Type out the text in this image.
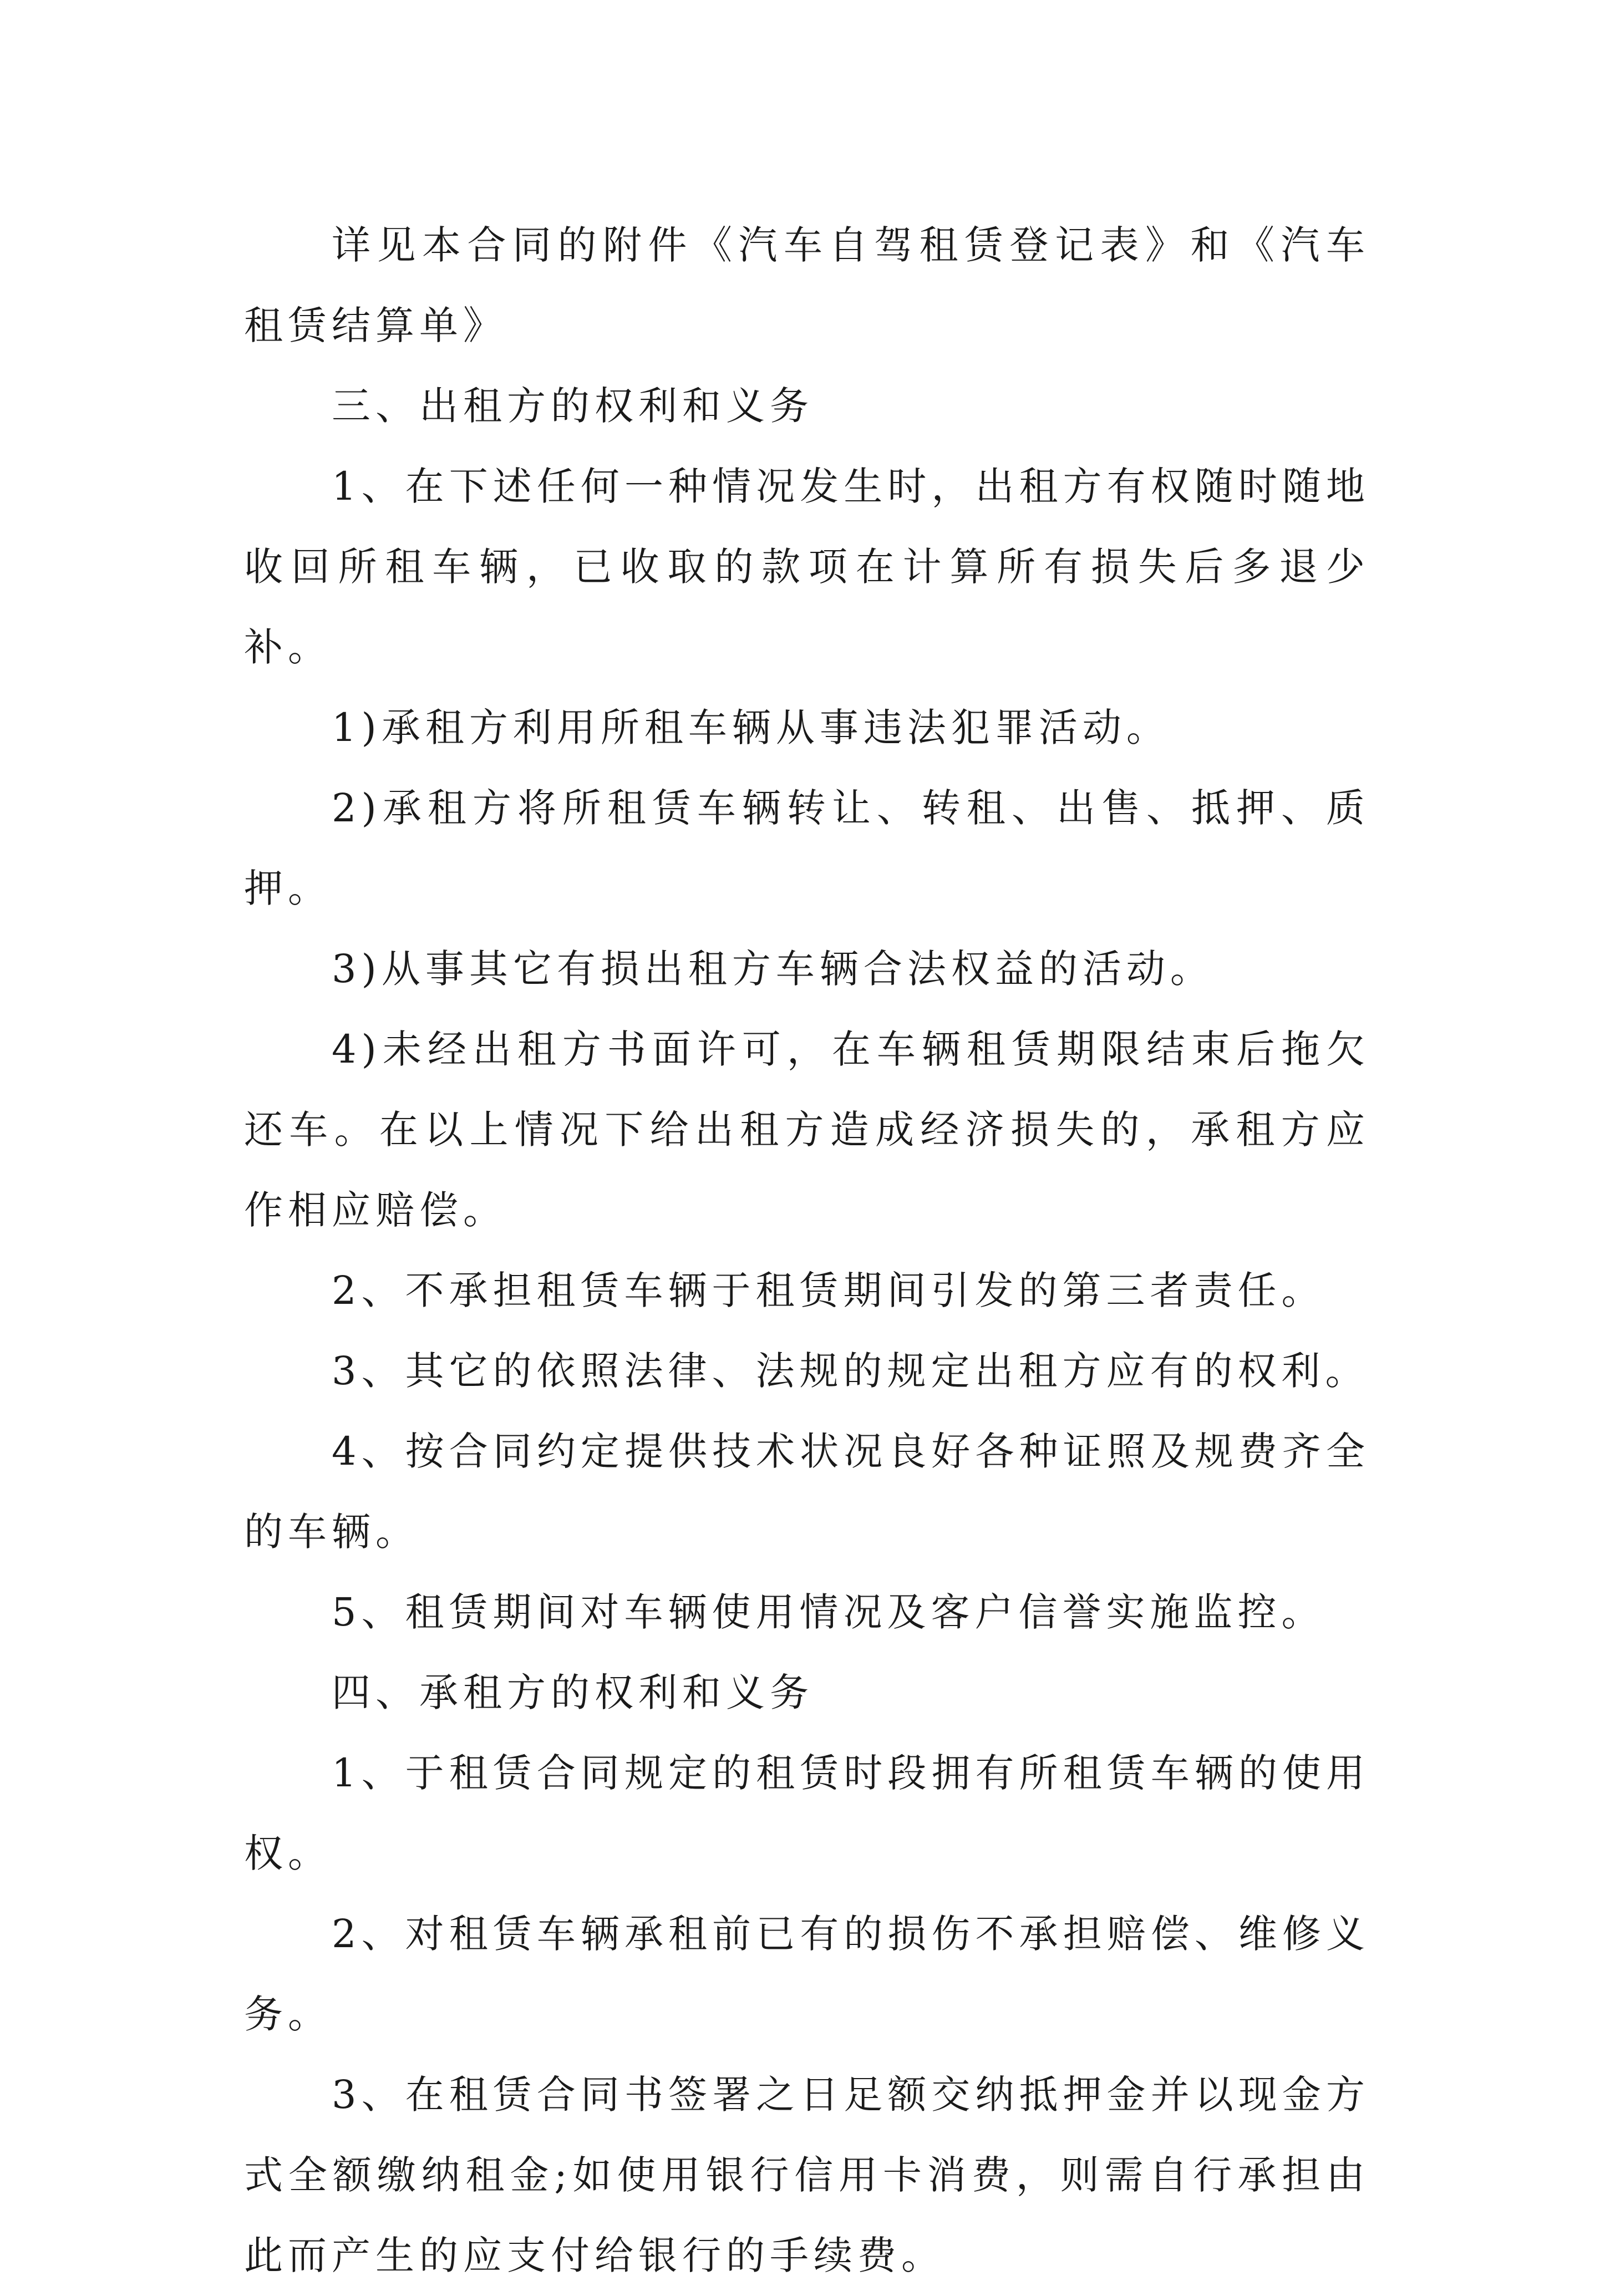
详见本合同的附件《汽车自驾租赁登记表》和《汽车租赁结算单》

三、出租方的权利和义务

1、在下述任何一种情况发生时，出租方有权随时随地收回所租车辆，已收取的款项在计算所有损失后多退少补。

1)承租方利用所租车辆从事违法犯罪活动。

2)承租方将所租赁车辆转让、转租、出售、抵押、质押。

3)从事其它有损出租方车辆合法权益的活动。

4)未经出租方书面许可，在车辆租赁期限结束后拖欠还车。在以上情况下给出租方造成经济损失的，承租方应作相应赔偿。

2、不承担租赁车辆于租赁期间引发的第三者责任。

3、其它的依照法律、法规的规定出租方应有的权利。

4、按合同约定提供技术状况良好各种证照及规费齐全的车辆。

5、租赁期间对车辆使用情况及客户信誉实施监控。

四、承租方的权利和义务

1、于租赁合同规定的租赁时段拥有所租赁车辆的使用权。

2、对租赁车辆承租前已有的损伤不承担赔偿、维修义务。

3、在租赁合同书签署之日足额交纳抵押金并以现金方式全额缴纳租金;如使用银行信用卡消费，则需自行承担由此而产生的应支付给银行的手续费。
